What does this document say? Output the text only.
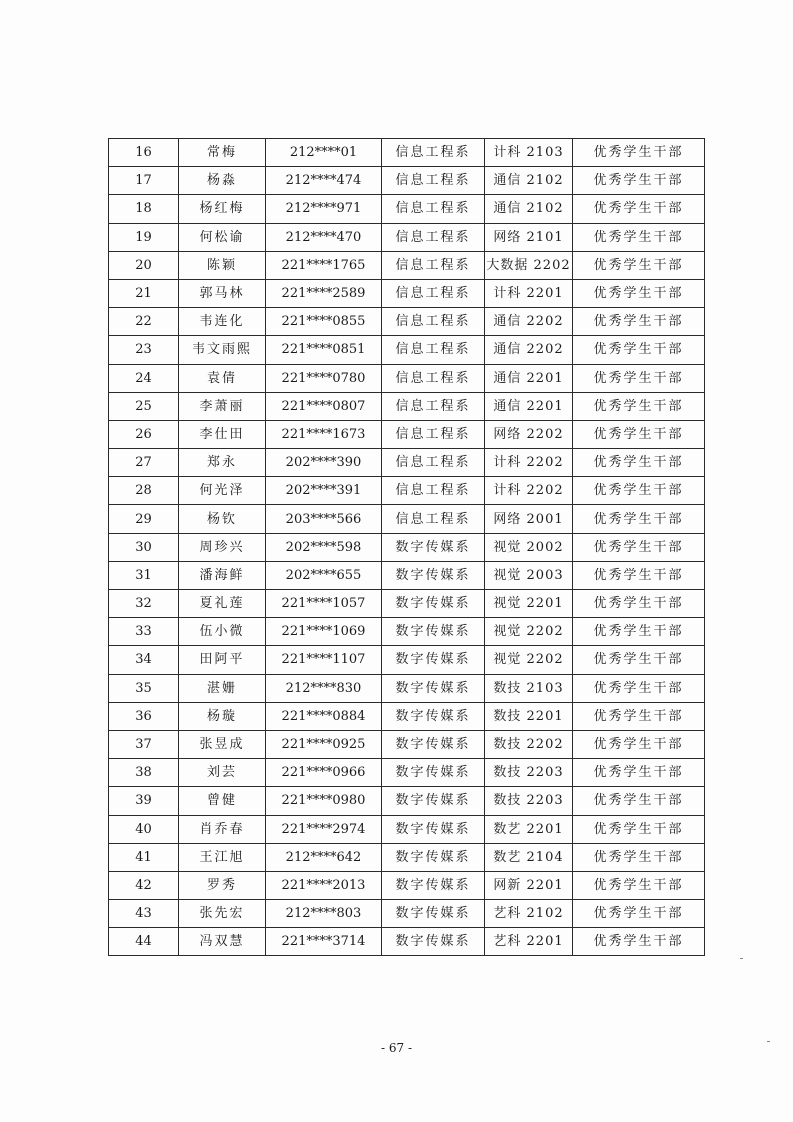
16	常梅	212****01	信息工程系	计科 2103	优秀学生干部
17	杨淼	212****474	信息工程系	通信 2102	优秀学生干部
18	杨红梅	212****971	信息工程系	通信 2102	优秀学生干部
19	何松谕	212****470	信息工程系	网络 2101	优秀学生干部
20	陈颖	221****1765	信息工程系	大数据 2202	优秀学生干部
21	郭马林	221****2589	信息工程系	计科 2201	优秀学生干部
22	韦连化	221****0855	信息工程系	通信 2202	优秀学生干部
23	韦文雨熙	221****0851	信息工程系	通信 2202	优秀学生干部
24	袁倩	221****0780	信息工程系	通信 2201	优秀学生干部
25	李萧丽	221****0807	信息工程系	通信 2201	优秀学生干部
26	李仕田	221****1673	信息工程系	网络 2202	优秀学生干部
27	郑永	202****390	信息工程系	计科 2202	优秀学生干部
28	何光泽	202****391	信息工程系	计科 2202	优秀学生干部
29	杨钦	203****566	信息工程系	网络 2001	优秀学生干部
30	周珍兴	202****598	数字传媒系	视觉 2002	优秀学生干部
31	潘海鲜	202****655	数字传媒系	视觉 2003	优秀学生干部
32	夏礼莲	221****1057	数字传媒系	视觉 2201	优秀学生干部
33	伍小微	221****1069	数字传媒系	视觉 2202	优秀学生干部
34	田阿平	221****1107	数字传媒系	视觉 2202	优秀学生干部
35	湛姗	212****830	数字传媒系	数技 2103	优秀学生干部
36	杨璇	221****0884	数字传媒系	数技 2201	优秀学生干部
37	张昱成	221****0925	数字传媒系	数技 2202	优秀学生干部
38	刘芸	221****0966	数字传媒系	数技 2203	优秀学生干部
39	曾健	221****0980	数字传媒系	数技 2203	优秀学生干部
40	肖乔春	221****2974	数字传媒系	数艺 2201	优秀学生干部
41	王江旭	212****642	数字传媒系	数艺 2104	优秀学生干部
42	罗秀	221****2013	数字传媒系	网新 2201	优秀学生干部
43	张先宏	212****803	数字传媒系	艺科 2102	优秀学生干部
44	冯双慧	221****3714	数字传媒系	艺科 2201	优秀学生干部
- 67 -
